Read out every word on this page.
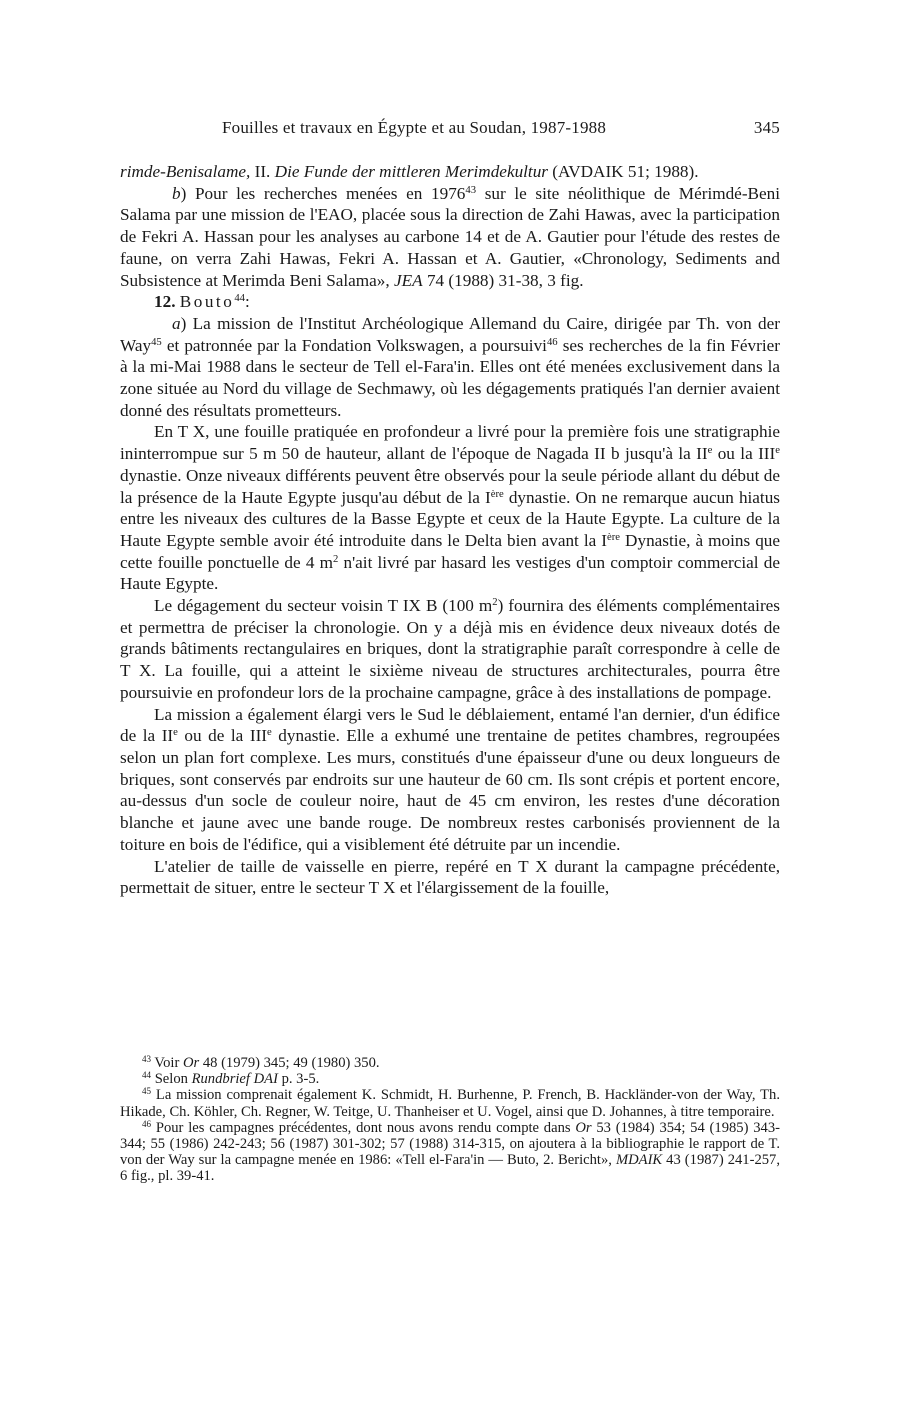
Fouilles et travaux en Égypte et au Soudan, 1987-1988	345

rimde-Benisalame, II. Die Funde der mittleren Merimdekultur (AVDAIK 51; 1988).

b) Pour les recherches menées en 1976$^{43}$ sur le site néolithique de Mérimdé-Beni Salama par une mission de l'EAO, placée sous la direction de Zahi Hawas, avec la participation de Fekri A. Hassan pour les analyses au carbone 14 et de A. Gautier pour l'étude des restes de faune, on verra Zahi Hawas, Fekri A. Hassan et A. Gautier, «Chronology, Sediments and Subsistence at Merimda Beni Salama», JEA 74 (1988) 31-38, 3 fig.

12. Bouto$^{44}$:

a) La mission de l'Institut Archéologique Allemand du Caire, dirigée par Th. von der Way$^{45}$ et patronnée par la Fondation Volkswagen, a poursuivi$^{46}$ ses recherches de la fin Février à la mi-Mai 1988 dans le secteur de Tell el-Fara'in. Elles ont été menées exclusivement dans la zone située au Nord du village de Sechmawy, où les dégagements pratiqués l'an dernier avaient donné des résultats prometteurs.

En T X, une fouille pratiquée en profondeur a livré pour la première fois une stratigraphie ininterrompue sur 5 m 50 de hauteur, allant de l'époque de Nagada II b jusqu'à la IIe ou la IIIe dynastie. Onze niveaux différents peuvent être observés pour la seule période allant du début de la présence de la Haute Egypte jusqu'au début de la Ière dynastie. On ne remarque aucun hiatus entre les niveaux des cultures de la Basse Egypte et ceux de la Haute Egypte. La culture de la Haute Egypte semble avoir été introduite dans le Delta bien avant la Ière Dynastie, à moins que cette fouille ponctuelle de 4 $m^2$ n'ait livré par hasard les vestiges d'un comptoir commercial de Haute Egypte.

Le dégagement du secteur voisin T IX B (100 $m^2$) fournira des éléments complémentaires et permettra de préciser la chronologie. On y a déjà mis en évidence deux niveaux dotés de grands bâtiments rectangulaires en briques, dont la stratigraphie paraît correspondre à celle de T X. La fouille, qui a atteint le sixième niveau de structures architecturales, pourra être poursuivie en profondeur lors de la prochaine campagne, grâce à des installations de pompage.

La mission a également élargi vers le Sud le déblaiement, entamé l'an dernier, d'un édifice de la IIe ou de la IIIe dynastie. Elle a exhumé une trentaine de petites chambres, regroupées selon un plan fort complexe. Les murs, constitués d'une épaisseur d'une ou deux longueurs de briques, sont conservés par endroits sur une hauteur de 60 cm. Ils sont crépis et portent encore, au-dessus d'un socle de couleur noire, haut de 45 cm environ, les restes d'une décoration blanche et jaune avec une bande rouge. De nombreux restes carbonisés proviennent de la toiture en bois de l'édifice, qui a visiblement été détruite par un incendie.

L'atelier de taille de vaisselle en pierre, repéré en T X durant la campagne précédente, permettait de situer, entre le secteur T X et l'élargissement de la fouille,

$^{43}$ Voir Or 48 (1979) 345; 49 (1980) 350.

$^{44}$ Selon Rundbrief DAI p. 3-5.

$^{45}$ La mission comprenait également K. Schmidt, H. Burhenne, P. French, B. Hackländer-von der Way, Th. Hikade, Ch. Köhler, Ch. Regner, W. Teitge, U. Thanheiser et U. Vogel, ainsi que D. Johannes, à titre temporaire.

$^{46}$ Pour les campagnes précédentes, dont nous avons rendu compte dans Or 53 (1984) 354; 54 (1985) 343-344; 55 (1986) 242-243; 56 (1987) 301-302; 57 (1988) 314-315, on ajoutera à la bibliographie le rapport de T. von der Way sur la campagne menée en 1986: «Tell el-Fara'in — Buto, 2. Bericht», MDAIK 43 (1987) 241-257, 6 fig., pl. 39-41.
